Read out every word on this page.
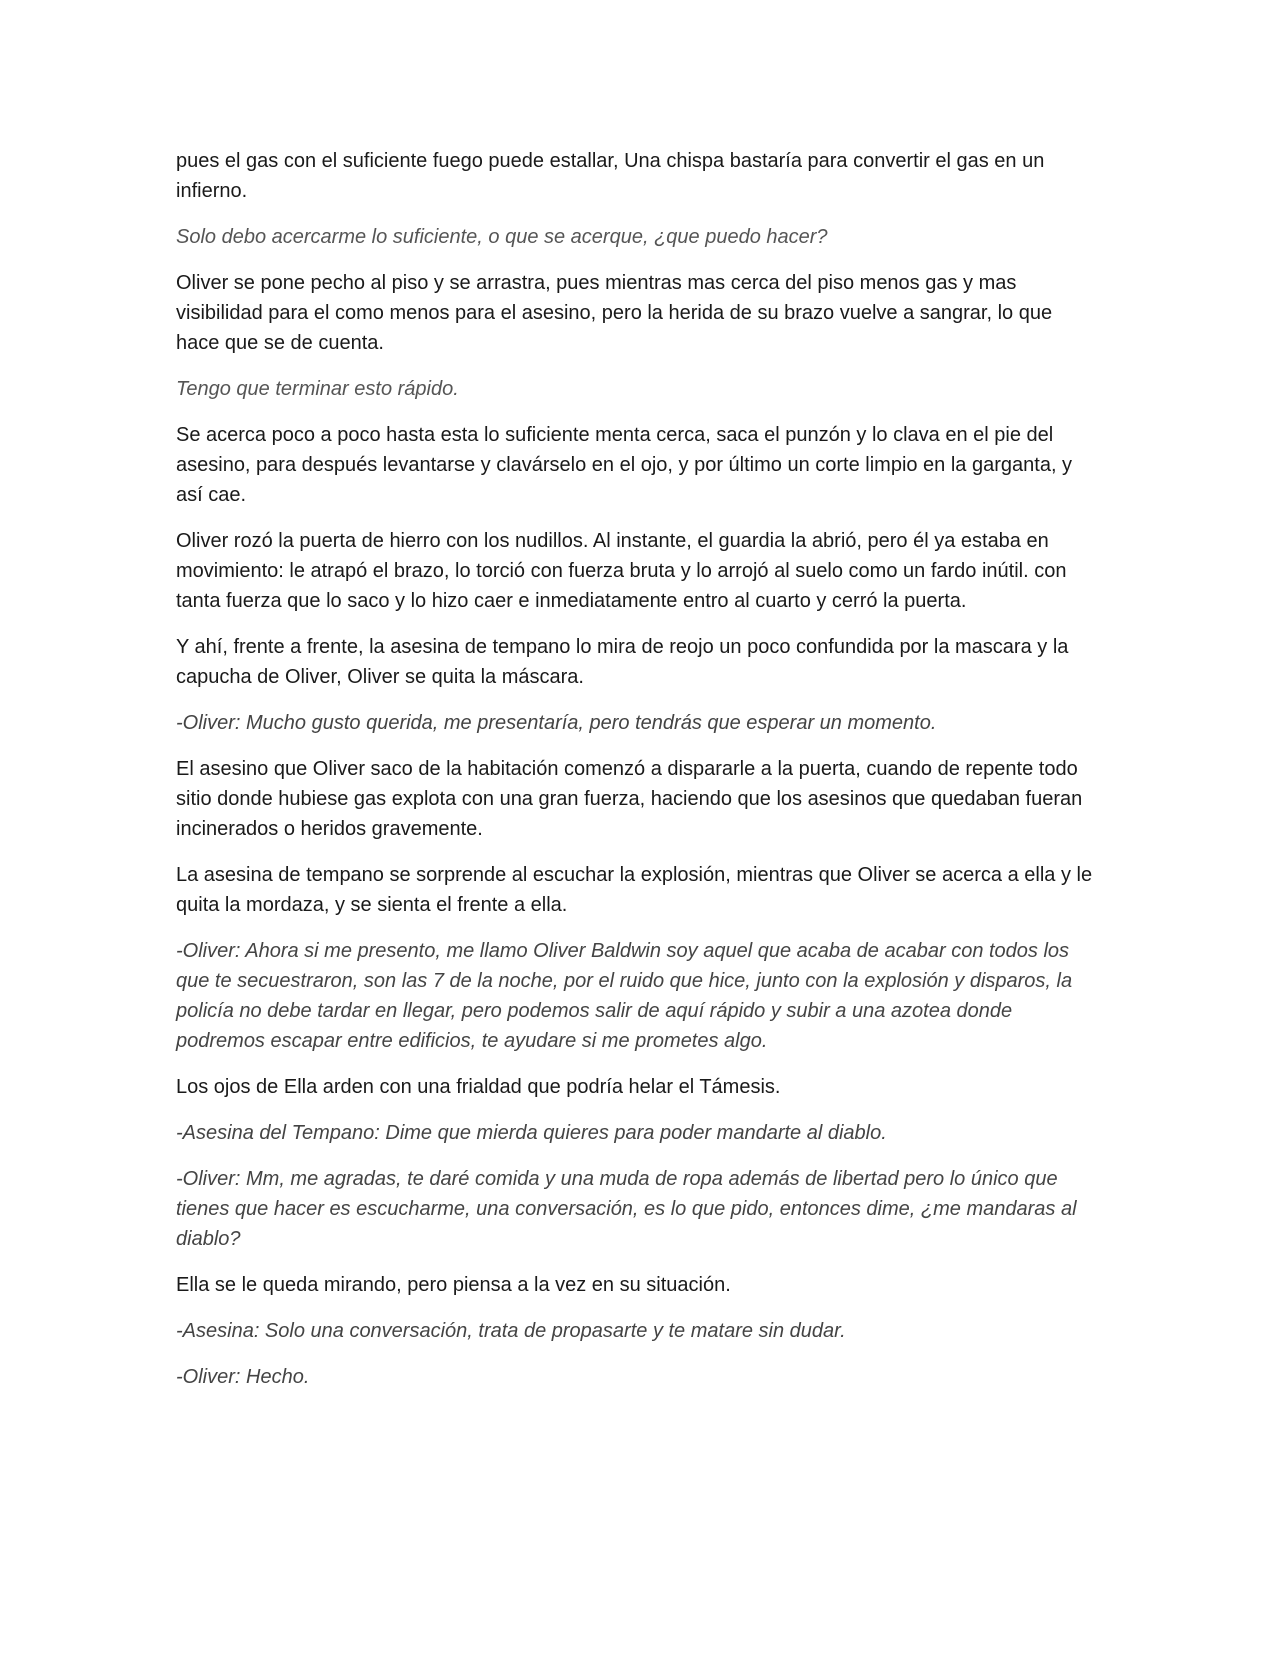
pues el gas con el suficiente fuego puede estallar, Una chispa bastaría para convertir el gas en un infierno.

Solo debo acercarme lo suficiente, o que se acerque, ¿que puedo hacer?

Oliver se pone pecho al piso y se arrastra, pues mientras mas cerca del piso menos gas y mas visibilidad para el como menos para el asesino, pero la herida de su brazo vuelve a sangrar, lo que hace que se de cuenta.

Tengo que terminar esto rápido.

Se acerca poco a poco hasta esta lo suficiente menta cerca, saca el punzón y lo clava en el pie del asesino, para después levantarse y clavárselo en el ojo, y por último un corte limpio en la garganta, y así cae.

Oliver rozó la puerta de hierro con los nudillos. Al instante, el guardia la abrió, pero él ya estaba en movimiento: le atrapó el brazo, lo torció con fuerza bruta y lo arrojó al suelo como un fardo inútil. con tanta fuerza que lo saco y lo hizo caer e inmediatamente entro al cuarto y cerró la puerta.

Y ahí, frente a frente, la asesina de tempano lo mira de reojo un poco confundida por la mascara y la capucha de Oliver, Oliver se quita la máscara.

-Oliver: Mucho gusto querida, me presentaría, pero tendrás que esperar un momento.

El asesino que Oliver saco de la habitación comenzó a dispararle a la puerta, cuando de repente todo sitio donde hubiese gas explota con una gran fuerza, haciendo que los asesinos que quedaban fueran incinerados o heridos gravemente.

La asesina de tempano se sorprende al escuchar la explosión, mientras que Oliver se acerca a ella y le quita la mordaza, y se sienta el frente a ella.

-Oliver: Ahora si me presento, me llamo Oliver Baldwin soy aquel que acaba de acabar con todos los que te secuestraron, son las 7 de la noche, por el ruido que hice, junto con la explosión y disparos, la policía no debe tardar en llegar, pero podemos salir de aquí rápido y subir a una azotea donde podremos escapar entre edificios, te ayudare si me prometes algo.

Los ojos de Ella arden con una frialdad que podría helar el Támesis.

-Asesina del Tempano: Dime que mierda quieres para poder mandarte al diablo.

-Oliver: Mm, me agradas, te daré comida y una muda de ropa además de libertad pero lo único que tienes que hacer es escucharme, una conversación, es lo que pido, entonces dime, ¿me mandaras al diablo?

Ella se le queda mirando, pero piensa a la vez en su situación.

-Asesina: Solo una conversación, trata de propasarte y te matare sin dudar.

-Oliver: Hecho.
